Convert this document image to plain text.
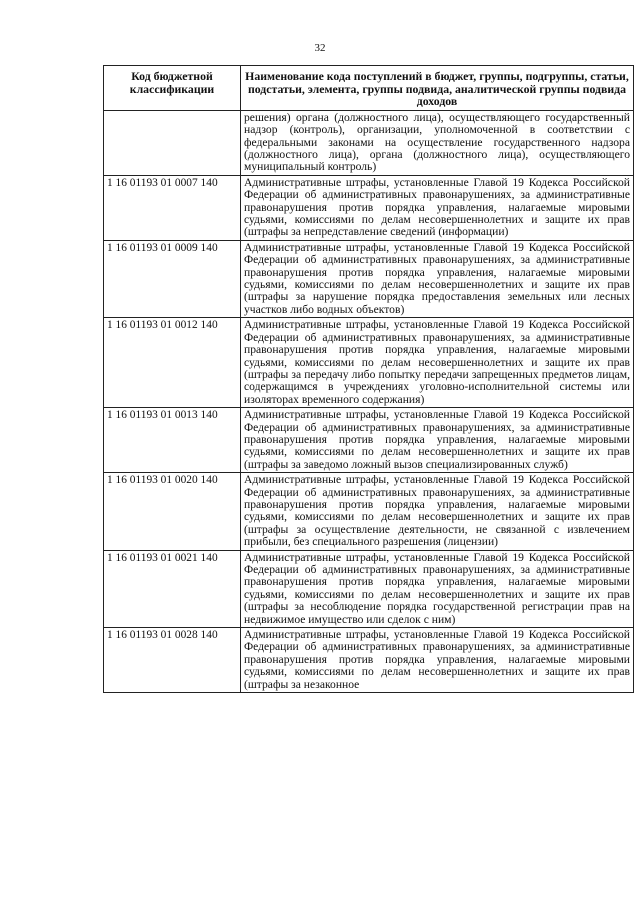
32
Код бюджетной классификации	Наименование кода поступлений в бюджет, группы, подгруппы, статьи, подстатьи, элемента, группы подвида, аналитической группы подвида доходов
	решения) органа (должностного лица), осуществляющего государственный надзор (контроль), организации, уполномоченной в соответствии с федеральными законами на осуществление государственного надзора (должностного лица), органа (должностного лица), осуществляющего муниципальный контроль)
1 16 01193 01 0007 140	Административные штрафы, установленные Главой 19 Кодекса Российской Федерации об административных правонарушениях, за административные правонарушения против порядка управления, налагаемые мировыми судьями, комиссиями по делам несовершеннолетних и защите их прав (штрафы за непредставление сведений (информации)
1 16 01193 01 0009 140	Административные штрафы, установленные Главой 19 Кодекса Российской Федерации об административных правонарушениях, за административные правонарушения против порядка управления, налагаемые мировыми судьями, комиссиями по делам несовершеннолетних и защите их прав (штрафы за нарушение порядка предоставления земельных или лесных участков либо водных объектов)
1 16 01193 01 0012 140	Административные штрафы, установленные Главой 19 Кодекса Российской Федерации об административных правонарушениях, за административные правонарушения против порядка управления, налагаемые мировыми судьями, комиссиями по делам несовершеннолетних и защите их прав (штрафы за передачу либо попытку передачи запрещенных предметов лицам, содержащимся в учреждениях уголовно-исполнительной системы или изоляторах временного содержания)
1 16 01193 01 0013 140	Административные штрафы, установленные Главой 19 Кодекса Российской Федерации об административных правонарушениях, за административные правонарушения против порядка управления, налагаемые мировыми судьями, комиссиями по делам несовершеннолетних и защите их прав (штрафы за заведомо ложный вызов специализированных служб)
1 16 01193 01 0020 140	Административные штрафы, установленные Главой 19 Кодекса Российской Федерации об административных правонарушениях, за административные правонарушения против порядка управления, налагаемые мировыми судьями, комиссиями по делам несовершеннолетних и защите их прав (штрафы за осуществление деятельности, не связанной с извлечением прибыли, без специального разрешения (лицензии)
1 16 01193 01 0021 140	Административные штрафы, установленные Главой 19 Кодекса Российской Федерации об административных правонарушениях, за административные правонарушения против порядка управления, налагаемые мировыми судьями, комиссиями по делам несовершеннолетних и защите их прав (штрафы за несоблюдение порядка государственной регистрации прав на недвижимое имущество или сделок с ним)
1 16 01193 01 0028 140	Административные штрафы, установленные Главой 19 Кодекса Российской Федерации об административных правонарушениях, за административные правонарушения против порядка управления, налагаемые мировыми судьями, комиссиями по делам несовершеннолетних и защите их прав (штрафы за незаконное
